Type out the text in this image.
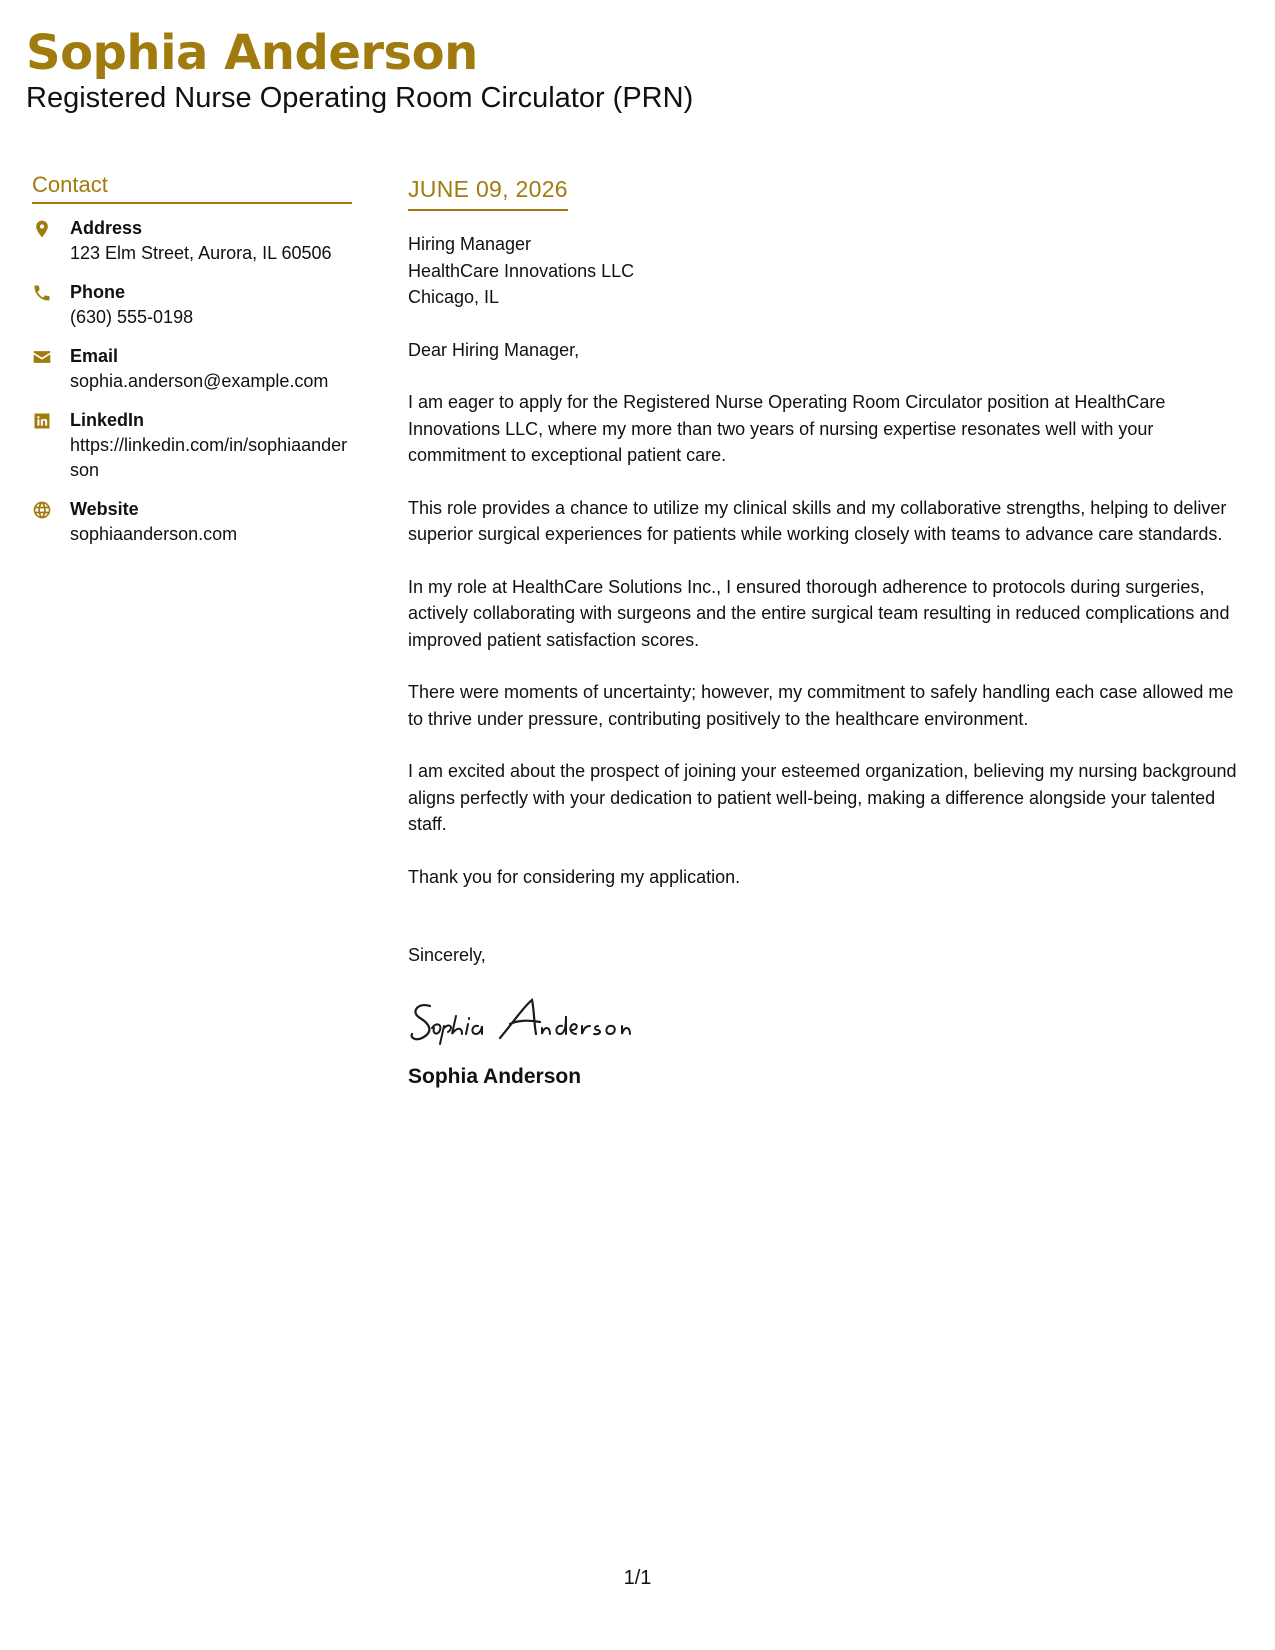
Sophia Anderson
Registered Nurse Operating Room Circulator (PRN)
Contact
Address
123 Elm Street, Aurora, IL 60506
Phone
(630) 555-0198
Email
sophia.anderson@example.com
LinkedIn
https://linkedin.com/in/sophiaanderson
Website
sophiaanderson.com
JUNE 09, 2026
Hiring Manager
HealthCare Innovations LLC
Chicago, IL
Dear Hiring Manager,
I am eager to apply for the Registered Nurse Operating Room Circulator position at HealthCare Innovations LLC, where my more than two years of nursing expertise resonates well with your commitment to exceptional patient care.
This role provides a chance to utilize my clinical skills and my collaborative strengths, helping to deliver superior surgical experiences for patients while working closely with teams to advance care standards.
In my role at HealthCare Solutions Inc., I ensured thorough adherence to protocols during surgeries, actively collaborating with surgeons and the entire surgical team resulting in reduced complications and improved patient satisfaction scores.
There were moments of uncertainty; however, my commitment to safely handling each case allowed me to thrive under pressure, contributing positively to the healthcare environment.
I am excited about the prospect of joining your esteemed organization, believing my nursing background aligns perfectly with your dedication to patient well-being, making a difference alongside your talented staff.
Thank you for considering my application.
Sincerely,
Sophia Anderson
1/1
